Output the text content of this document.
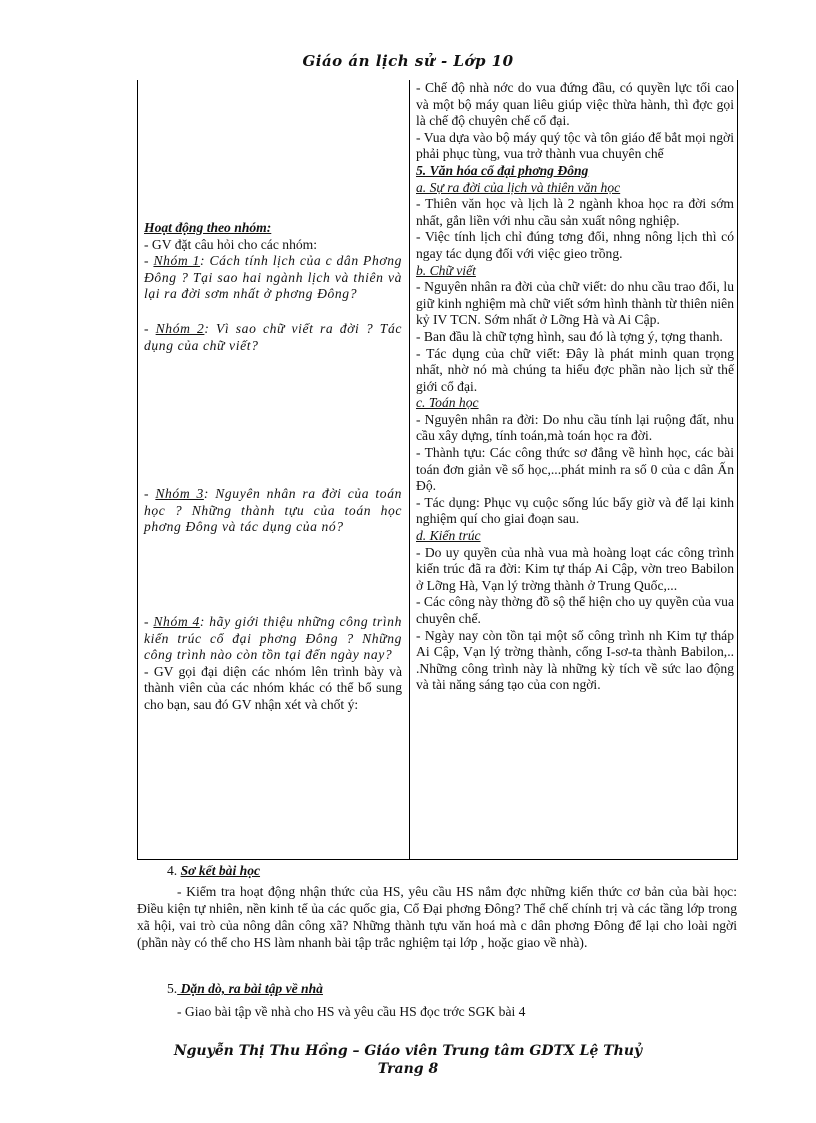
Giáo án lịch sử - Lớp 10

Hoạt động theo nhóm:

- GV đặt câu hỏi cho các nhóm:

- Nhóm 1: Cách tính lịch của c dân Phơng Đông ? Tại sao hai ngành lịch và thiên và lại ra đời sơm nhất ở phơng Đông?

- Nhóm 2: Vì sao chữ viết ra đời ? Tác dụng của chữ viết?

- Nhóm 3: Nguyên nhân ra đời của toán học ? Những thành tựu của toán học phơng Đông và tác dụng của nó?

- Nhóm 4: hãy giới thiệu những công trình kiến trúc cổ đại phơng Đông ? Những công trình nào còn tồn tại đến ngày nay?

- GV gọi đại diện các nhóm lên trình bày và thành viên của các nhóm khác có thể bổ sung cho bạn, sau đó GV nhận xét và chốt ý:

- Chế độ nhà nớc do vua đứng đầu, có quyền lực tối cao và một bộ máy quan liêu giúp việc thừa hành, thì đợc gọi là chế độ chuyên chế cổ đại.

- Vua dựa vào bộ máy quý tộc và tôn giáo để bắt mọi ngời phải phục tùng, vua trở thành vua chuyên chế

5. Văn hóa cổ đại phơng Đông

a. Sự ra đời của lịch và thiên văn học

- Thiên văn học và lịch là 2 ngành khoa học ra đời sớm nhất, gắn liền với nhu cầu sản xuất nông nghiệp.

- Việc tính lịch chỉ đúng tơng đối, nhng nông lịch thì có ngay tác dụng đối với việc gieo trồng.

b. Chữ viết

- Nguyên nhân ra đời của chữ viết: do nhu cầu trao đổi, lu giữ kinh nghiệm mà chữ viết sớm hình thành từ thiên niên kỷ IV TCN. Sớm nhất ở Lỡng Hà và Ai Cập.

- Ban đầu là chữ tợng hình, sau đó là tợng ý, tợng thanh.

- Tác dụng của chữ viết: Đây là phát minh quan trọng nhất, nhờ nó mà chúng ta hiểu đợc phần nào lịch sử thế giới cổ đại.

c. Toán học

- Nguyên nhân ra đời: Do nhu cầu tính lại ruộng đất, nhu cầu xây dựng, tính toán,mà toán học ra đời.

- Thành tựu: Các công thức sơ đẳng về hình học, các bài toán đơn giản về số học,...phát minh ra số 0 của c dân Ấn Độ.

- Tác dụng: Phục vụ cuộc sống lúc bấy giờ và để lại kinh nghiệm quí cho giai đoạn sau.

d. Kiến trúc

- Do uy quyền của nhà vua mà hoàng loạt các công trình kiến trúc đã ra đời: Kim tự tháp Ai Cập, vờn treo Babilon ở Lỡng Hà, Vạn lý trờng thành ở Trung Quốc,...

- Các công này thờng đồ sộ thể hiện cho uy quyền của vua chuyên chế.

- Ngày nay còn tồn tại một số công trình nh Kim tự tháp Ai Cập, Vạn lý trờng thành, cổng I-sơ-ta thành Babilon,.. .Những công trình này là những kỳ tích về sức lao động và tài năng sáng tạo của con ngời.

4. Sơ kết bài học

- Kiểm tra hoạt động nhận thức của HS, yêu cầu HS nắm đợc những kiến thức cơ bản của bài học: Điều kiện tự nhiên, nền kinh tế ủa các quốc gia, Cổ Đại phơng Đông? Thể chế chính trị và các tầng lớp trong xã hội, vai trò của nông dân công xã? Những thành tựu văn hoá mà c dân phơng Đông để lại cho loài ngời (phần này có thể cho HS làm nhanh bài tập trắc nghiệm tại lớp , hoặc giao về nhà).

5. Dặn dò, ra bài tập về nhà

- Giao bài tập về nhà cho HS và yêu cầu HS đọc trớc SGK bài 4

Nguyễn Thị Thu Hồng – Giáo viên Trung tâm GDTX Lệ Thuỷ
Trang 8
